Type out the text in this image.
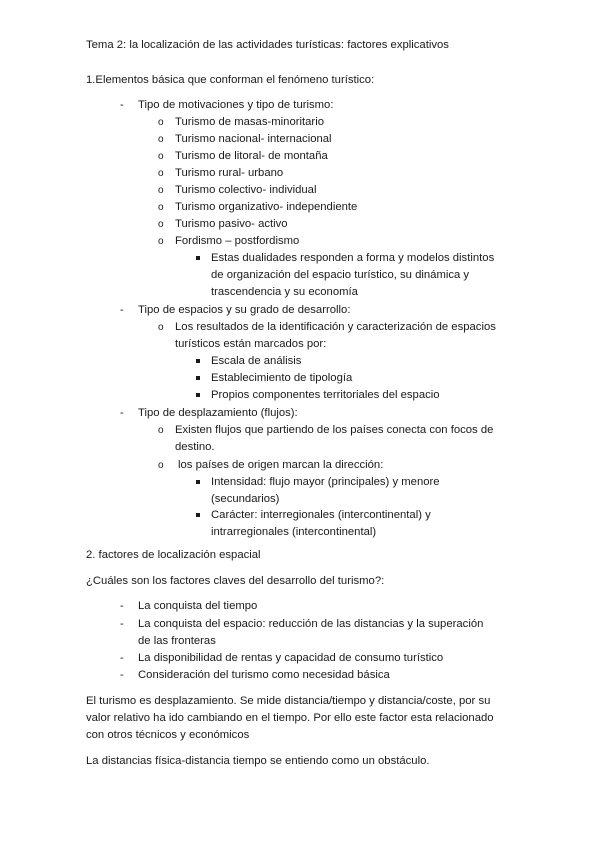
Tema 2: la localización de las actividades turísticas: factores explicativos
1.Elementos básica que conforman el fenómeno turístico:
- Tipo de motivaciones y tipo de turismo:
o Turismo de masas-minoritario
o Turismo nacional- internacional
o Turismo de litoral- de montaña
o Turismo rural- urbano
o Turismo colectivo- individual
o Turismo organizativo- independiente
o Turismo pasivo- activo
o Fordismo – postfordismo
Estas dualidades responden a forma y modelos distintos
de organización del espacio turístico, su dinámica y
trascendencia y su economía
- Tipo de espacios y su grado de desarrollo:
o Los resultados de la identificación y caracterización de espacios
turísticos están marcados por:
Escala de análisis
Establecimiento de tipología
Propios componentes territoriales del espacio
- Tipo de desplazamiento (flujos):
o Existen flujos que partiendo de los países conecta con focos de
destino.
o los países de origen marcan la dirección:
Intensidad: flujo mayor (principales) y menore
(secundarios)
Carácter: interregionales (intercontinental) y
intrarregionales (intercontinental)
2. factores de localización espacial
¿Cuáles son los factores claves del desarrollo del turismo?:
- La conquista del tiempo
- La conquista del espacio: reducción de las distancias y la superación
de las fronteras
- La disponibilidad de rentas y capacidad de consumo turístico
- Consideración del turismo como necesidad básica
El turismo es desplazamiento. Se mide distancia/tiempo y distancia/coste, por su
valor relativo ha ido cambiando en el tiempo. Por ello este factor esta relacionado
con otros técnicos y económicos
La distancias física-distancia tiempo se entiendo como un obstáculo.
